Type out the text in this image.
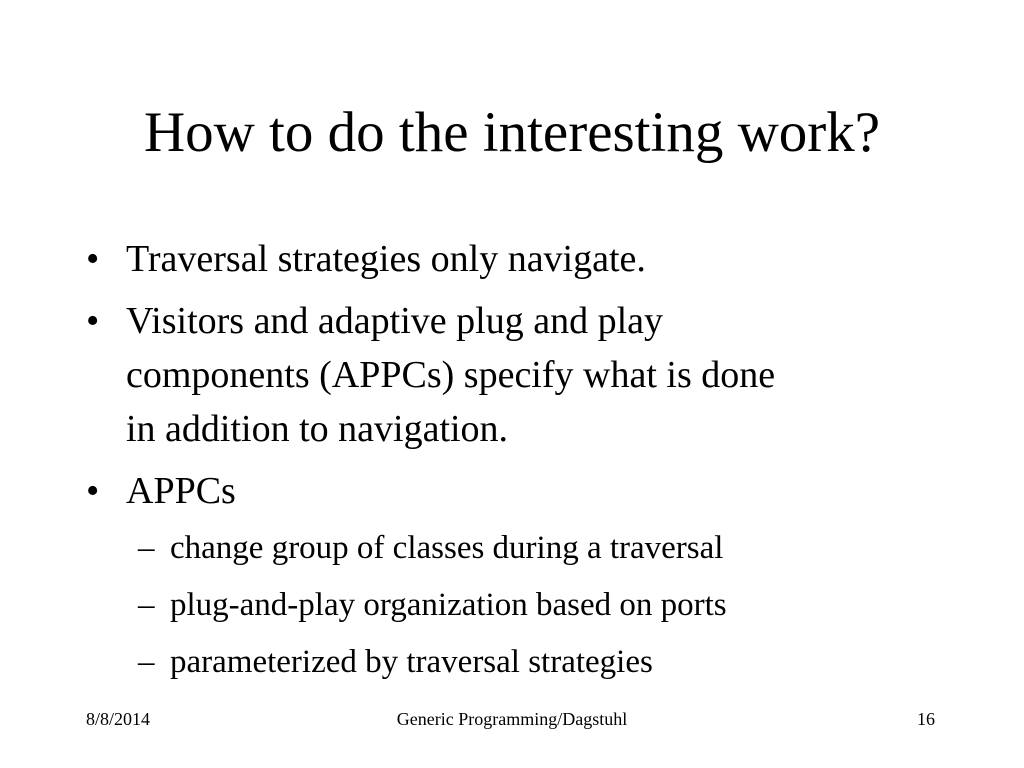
How to do the interesting work?
• Traversal strategies only navigate.
• Visitors and adaptive plug and play
components (APPCs) specify what is done
in addition to navigation.
• APPCs
– change group of classes during a traversal
– plug-and-play organization based on ports
– parameterized by traversal strategies
8/8/2014	Generic Programming/Dagstuhl	16
